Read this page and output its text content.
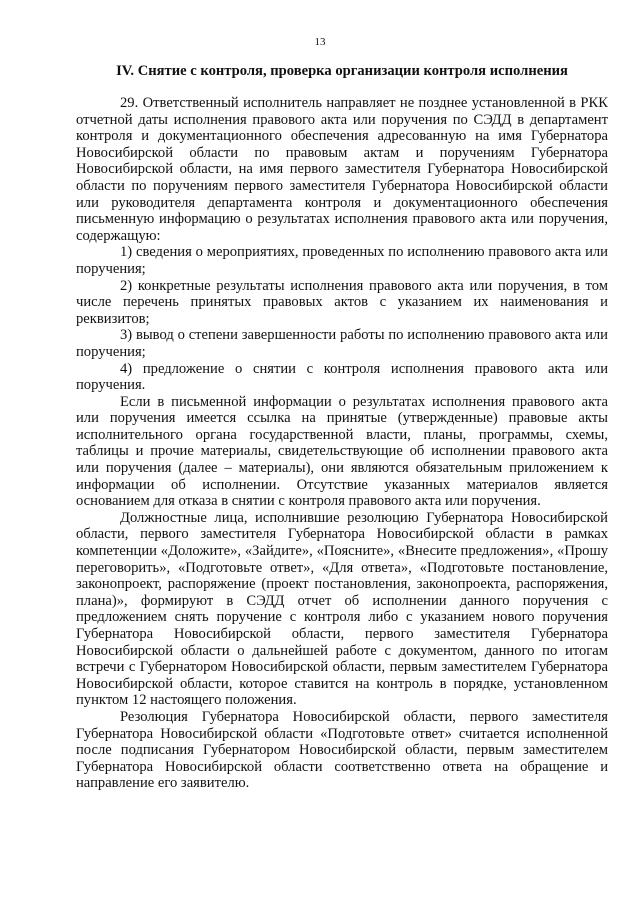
13
IV. Снятие с контроля, проверка организации контроля исполнения

29. Ответственный исполнитель направляет не позднее установленной в РКК отчетной даты исполнения правового акта или поручения по СЭДД в департамент контроля и документационного обеспечения адресованную на имя Губернатора Новосибирской области по правовым актам и поручениям Губернатора Новосибирской области, на имя первого заместителя Губернатора Новосибирской области по поручениям первого заместителя Губернатора Новосибирской области или руководителя департамента контроля и документационного обеспечения письменную информацию о результатах исполнения правового акта или поручения, содержащую:

1) сведения о мероприятиях, проведенных по исполнению правового акта или поручения;

2) конкретные результаты исполнения правового акта или поручения, в том числе перечень принятых правовых актов с указанием их наименования и реквизитов;

3) вывод о степени завершенности работы по исполнению правового акта или поручения;

4) предложение о снятии с контроля исполнения правового акта или поручения.

Если в письменной информации о результатах исполнения правового акта или поручения имеется ссылка на принятые (утвержденные) правовые акты исполнительного органа государственной власти, планы, программы, схемы, таблицы и прочие материалы, свидетельствующие об исполнении правового акта или поручения (далее – материалы), они являются обязательным приложением к информации об исполнении. Отсутствие указанных материалов является основанием для отказа в снятии с контроля правового акта или поручения.

Должностные лица, исполнившие резолюцию Губернатора Новосибирской области, первого заместителя Губернатора Новосибирской области в рамках компетенции «Доложите», «Зайдите», «Поясните», «Внесите предложения», «Прошу переговорить», «Подготовьте ответ», «Для ответа», «Подготовьте постановление, законопроект, распоряжение (проект постановления, законопроекта, распоряжения, плана)», формируют в СЭДД отчет об исполнении данного поручения с предложением снять поручение с контроля либо с указанием нового поручения Губернатора Новосибирской области, первого заместителя Губернатора Новосибирской области о дальнейшей работе с документом, данного по итогам встречи с Губернатором Новосибирской области, первым заместителем Губернатора Новосибирской области, которое ставится на контроль в порядке, установленном пунктом 12 настоящего положения.

Резолюция Губернатора Новосибирской области, первого заместителя Губернатора Новосибирской области «Подготовьте ответ» считается исполненной после подписания Губернатором Новосибирской области, первым заместителем Губернатора Новосибирской области соответственно ответа на обращение и направление его заявителю.
